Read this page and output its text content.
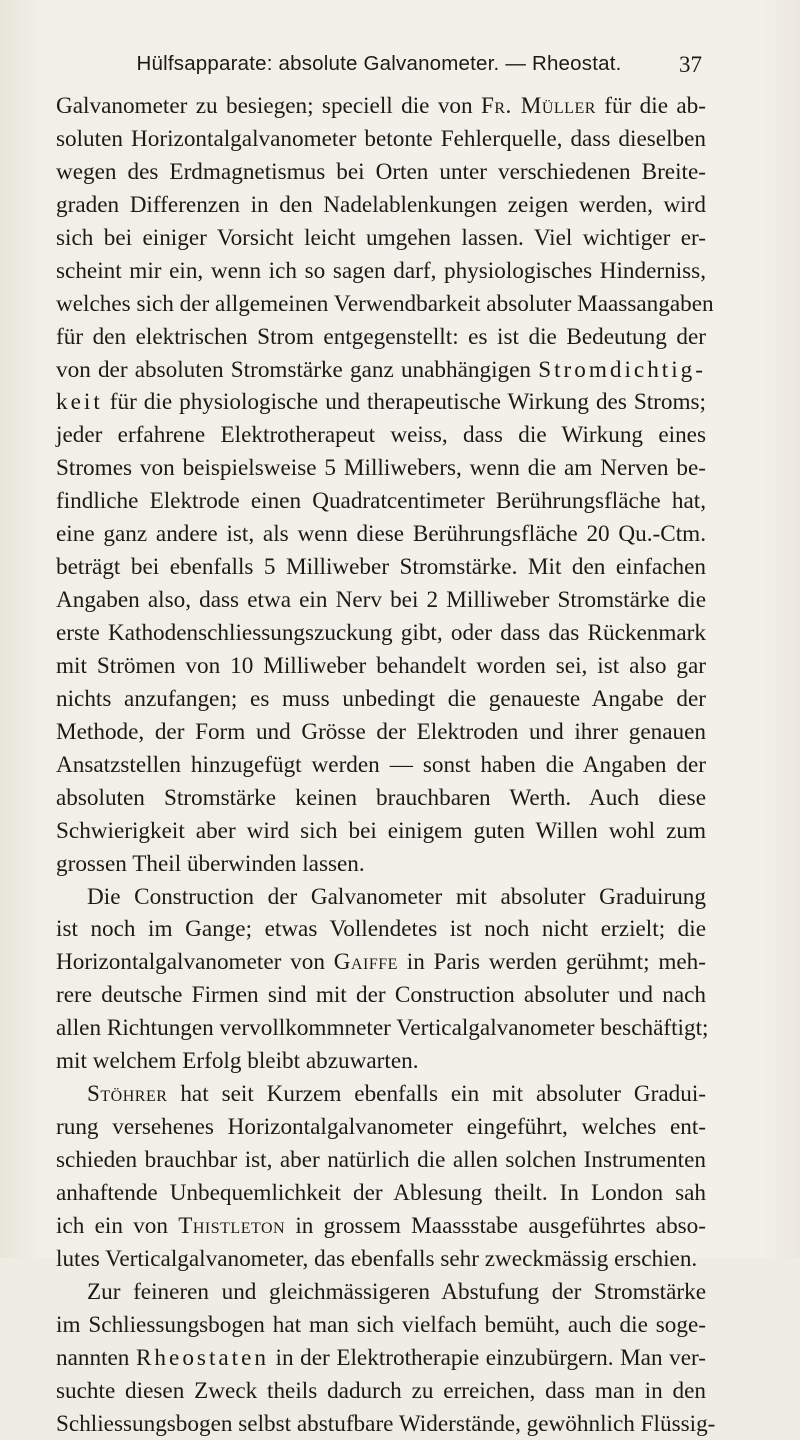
Hülfsapparate: absolute Galvanometer. — Rheostat.	37
Galvanometer zu besiegen; speciell die von Fr. Müller für die ab-
soluten Horizontalgalvanometer betonte Fehlerquelle, dass dieselben
wegen des Erdmagnetismus bei Orten unter verschiedenen Breite-
graden Differenzen in den Nadelablenkungen zeigen werden, wird
sich bei einiger Vorsicht leicht umgehen lassen. Viel wichtiger er-
scheint mir ein, wenn ich so sagen darf, physiologisches Hinderniss,
welches sich der allgemeinen Verwendbarkeit absoluter Maassangaben
für den elektrischen Strom entgegenstellt: es ist die Bedeutung der
von der absoluten Stromstärke ganz unabhängigen Stromdichtig-
keit für die physiologische und therapeutische Wirkung des Stroms;
jeder erfahrene Elektrotherapeut weiss, dass die Wirkung eines
Stromes von beispielsweise 5 Milliwebers, wenn die am Nerven be-
findliche Elektrode einen Quadratcentimeter Berührungsfläche hat,
eine ganz andere ist, als wenn diese Berührungsfläche 20 Qu.-Ctm.
beträgt bei ebenfalls 5 Milliweber Stromstärke. Mit den einfachen
Angaben also, dass etwa ein Nerv bei 2 Milliweber Stromstärke die
erste Kathodenschliessungszuckung gibt, oder dass das Rückenmark
mit Strömen von 10 Milliweber behandelt worden sei, ist also gar
nichts anzufangen; es muss unbedingt die genaueste Angabe der
Methode, der Form und Grösse der Elektroden und ihrer genauen
Ansatzstellen hinzugefügt werden — sonst haben die Angaben der
absoluten Stromstärke keinen brauchbaren Werth. Auch diese
Schwierigkeit aber wird sich bei einigem guten Willen wohl zum
grossen Theil überwinden lassen.
Die Construction der Galvanometer mit absoluter Graduirung
ist noch im Gange; etwas Vollendetes ist noch nicht erzielt; die
Horizontalgalvanometer von Gaiffe in Paris werden gerühmt; meh-
rere deutsche Firmen sind mit der Construction absoluter und nach
allen Richtungen vervollkommneter Verticalgalvanometer beschäftigt;
mit welchem Erfolg bleibt abzuwarten.
Stöhrer hat seit Kurzem ebenfalls ein mit absoluter Gradui-
rung versehenes Horizontalgalvanometer eingeführt, welches ent-
schieden brauchbar ist, aber natürlich die allen solchen Instrumenten
anhaftende Unbequemlichkeit der Ablesung theilt. In London sah
ich ein von Thistleton in grossem Maassstabe ausgeführtes abso-
lutes Verticalgalvanometer, das ebenfalls sehr zweckmässig erschien.
Zur feineren und gleichmässigeren Abstufung der Stromstärke
im Schliessungsbogen hat man sich vielfach bemüht, auch die soge-
nannten Rheostaten in der Elektrotherapie einzubürgern. Man ver-
suchte diesen Zweck theils dadurch zu erreichen, dass man in den
Schliessungsbogen selbst abstufbare Widerstände, gewöhnlich Flüssig-
